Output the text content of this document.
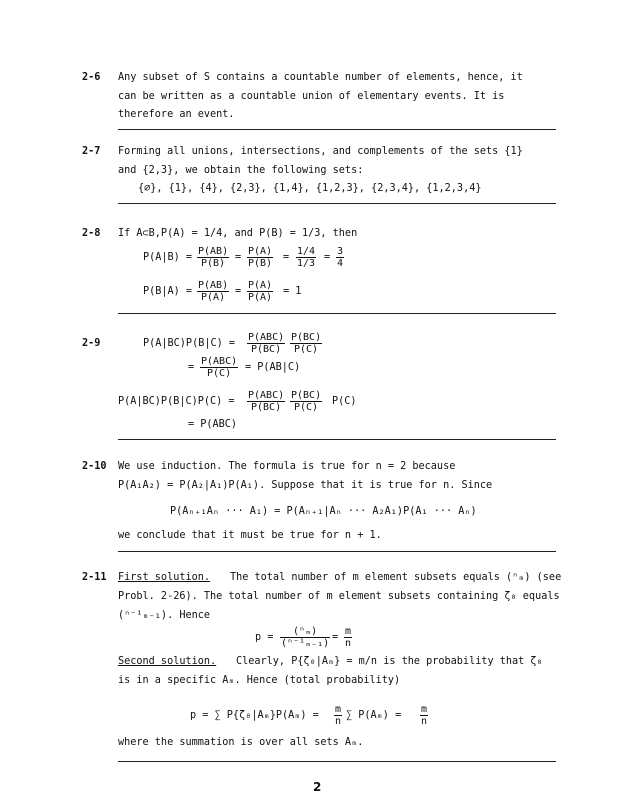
2-6 Any subset of S contains a countable number of elements, hence, it
can be written as a countable union of elementary events. It is
therefore an event.
2-7 Forming all unions, intersections, and complements of the sets {1}
and {2,3}, we obtain the following sets:
{∅}, {1}, {4}, {2,3}, {1,4}, {1,2,3}, {2,3,4}, {1,2,3,4}
2-8 If A⊂B,P(A) = 1/4, and P(B) = 1/3, then
$P(A|B) = \frac{P(AB)}{P(B)} = \frac{P(A)}{P(B)} = \frac{1/4}{1/3} = \frac{3}{4}$
$P(B|A) = \frac{P(AB)}{P(A)} = \frac{P(A)}{P(A)} = 1$
2-9	P(A|BC)P(B|C) =
P(ABC)
$P(BC) \frac{P(BC)}{P(C)}$
=
P(ABC)
P(C)
= P(AB|C)
P(A|BC)P(B|C)P(C) =
P(ABC)
$P(BC) \frac{P(BC)}{P(C)} P(C)$
= P(ABC)
2-10 We use induction. The formula is true for n = 2 because
P(A₁A₂) = P(A₂|A₁)P(A₁). Suppose that it is true for n. Since
P(Aₙ₊₁Aₙ ··· A₁) = P(Aₙ₊₁|Aₙ ··· A₂A₁)P(A₁ ··· Aₙ)
we conclude that it must be true for n + 1.
2-11 First solution. The total number of m element subsets equals (ⁿₘ) (see
Probl. 2-26). The total number of m element subsets containing ζ₀ equals
(ⁿ⁻¹ₘ₋₁). Hence
$p = \frac{\text{(ⁿₘ)}}{\text{(ⁿ⁻¹ₘ₋₁)}} = \frac{m}{n}$
Second solution. Clearly, P{ζ₀|Aₘ} = m/n is the probability that ζ₀
is in a specific Aₘ. Hence (total probability)
p = ∑ $P\{\zeta_0|A_m\}P(A_m) = \frac{m}{n}$ ∑ $P(A_m) = \frac{m}{n}$
where the summation is over all sets Aₘ.
2
